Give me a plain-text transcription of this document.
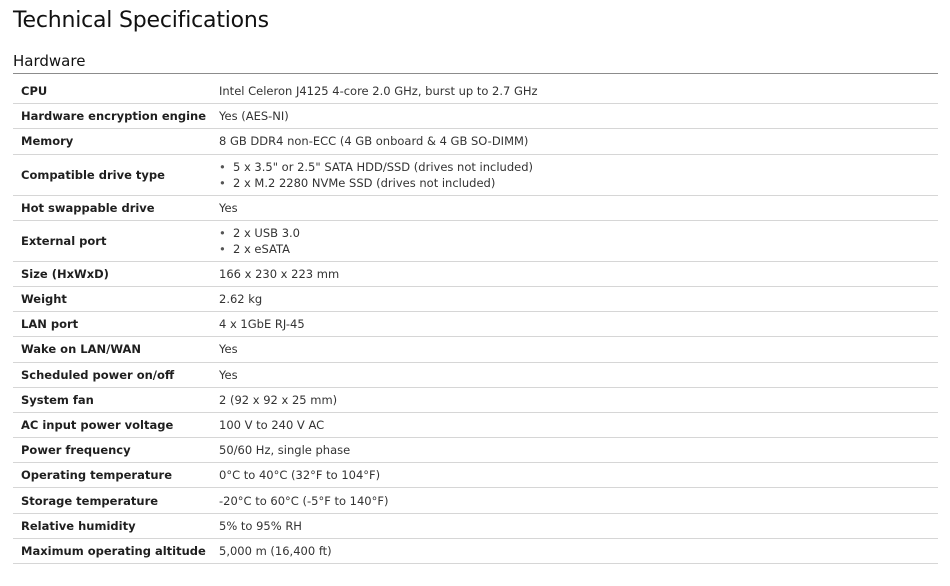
Technical Specifications
Hardware
CPU	Intel Celeron J4125 4-core 2.0 GHz, burst up to 2.7 GHz
Hardware encryption engine	Yes (AES-NI)
Memory	8 GB DDR4 non-ECC (4 GB onboard & 4 GB SO-DIMM)
Compatible drive type
• 5 x 3.5" or 2.5" SATA HDD/SSD (drives not included)
• 2 x M.2 2280 NVMe SSD (drives not included)
Hot swappable drive	Yes
External port
• 2 x USB 3.0
• 2 x eSATA
Size (HxWxD)	166 x 230 x 223 mm
Weight	2.62 kg
LAN port	4 x 1GbE RJ-45
Wake on LAN/WAN	Yes
Scheduled power on/off	Yes
System fan	2 (92 x 92 x 25 mm)
AC input power voltage	100 V to 240 V AC
Power frequency	50/60 Hz, single phase
Operating temperature	0°C to 40°C (32°F to 104°F)
Storage temperature	-20°C to 60°C (-5°F to 140°F)
Relative humidity	5% to 95% RH
Maximum operating altitude	5,000 m (16,400 ft)
